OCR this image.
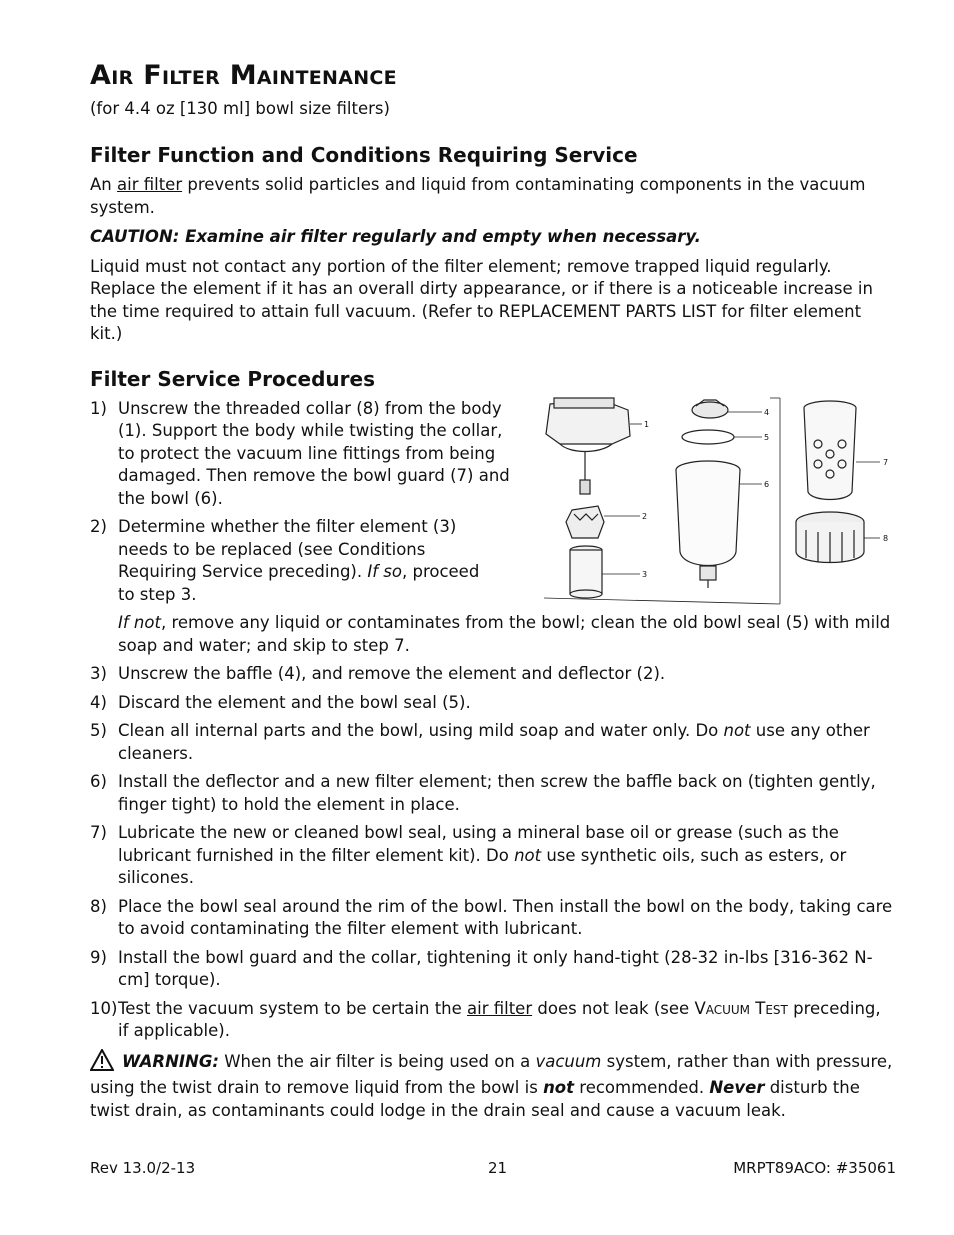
Air Filter Maintenance
(for 4.4 oz [130 ml] bowl size filters)
Filter Function and Conditions Requiring Service

An air filter prevents solid particles and liquid from contaminating components in the vacuum system.

CAUTION: Examine air filter regularly and empty when necessary.

Liquid must not contact any portion of the filter element; remove trapped liquid regularly. Replace the element if it has an overall dirty appearance, or if there is a noticeable increase in the time required to attain full vacuum. (Refer to REPLACEMENT PARTS LIST for filter element kit.)

Filter Service Procedures
1) Unscrew the threaded collar (8) from the body (1). Support the body while twisting the collar, to protect the vacuum line fittings from being damaged. Then remove the bowl guard (7) and the bowl (6).
2) Determine whether the filter element (3) needs to be replaced (see Conditions Requiring Service preceding). If so, proceed to step 3.
If not, remove any liquid or contaminates from the bowl; clean the old bowl seal (5) with mild soap and water; and skip to step 7.
3) Unscrew the baffle (4), and remove the element and deflector (2).
4) Discard the element and the bowl seal (5).
5) Clean all internal parts and the bowl, using mild soap and water only. Do not use any other cleaners.
6) Install the deflector and a new filter element; then screw the baffle back on (tighten gently, finger tight) to hold the element in place.
7) Lubricate the new or cleaned bowl seal, using a mineral base oil or grease (such as the lubricant furnished in the filter element kit). Do not use synthetic oils, such as esters, or silicones.
8) Place the bowl seal around the rim of the bowl. Then install the bowl on the body, taking care to avoid contaminating the filter element with lubricant.
9) Install the bowl guard and the collar, tightening it only hand-tight (28-32 in-lbs [316-362 N-cm] torque).
10) Test the vacuum system to be certain the air filter does not leak (see Vacuum Test preceding, if applicable).
WARNING: When the air filter is being used on a vacuum system, rather than with pressure, using the twist drain to remove liquid from the bowl is not recommended. Never disturb the twist drain, as contaminants could lodge in the drain seal and cause a vacuum leak.
1
2
3
4
5
6
7
8
Rev 13.0/2-13	21	MRPT89ACO: #35061
